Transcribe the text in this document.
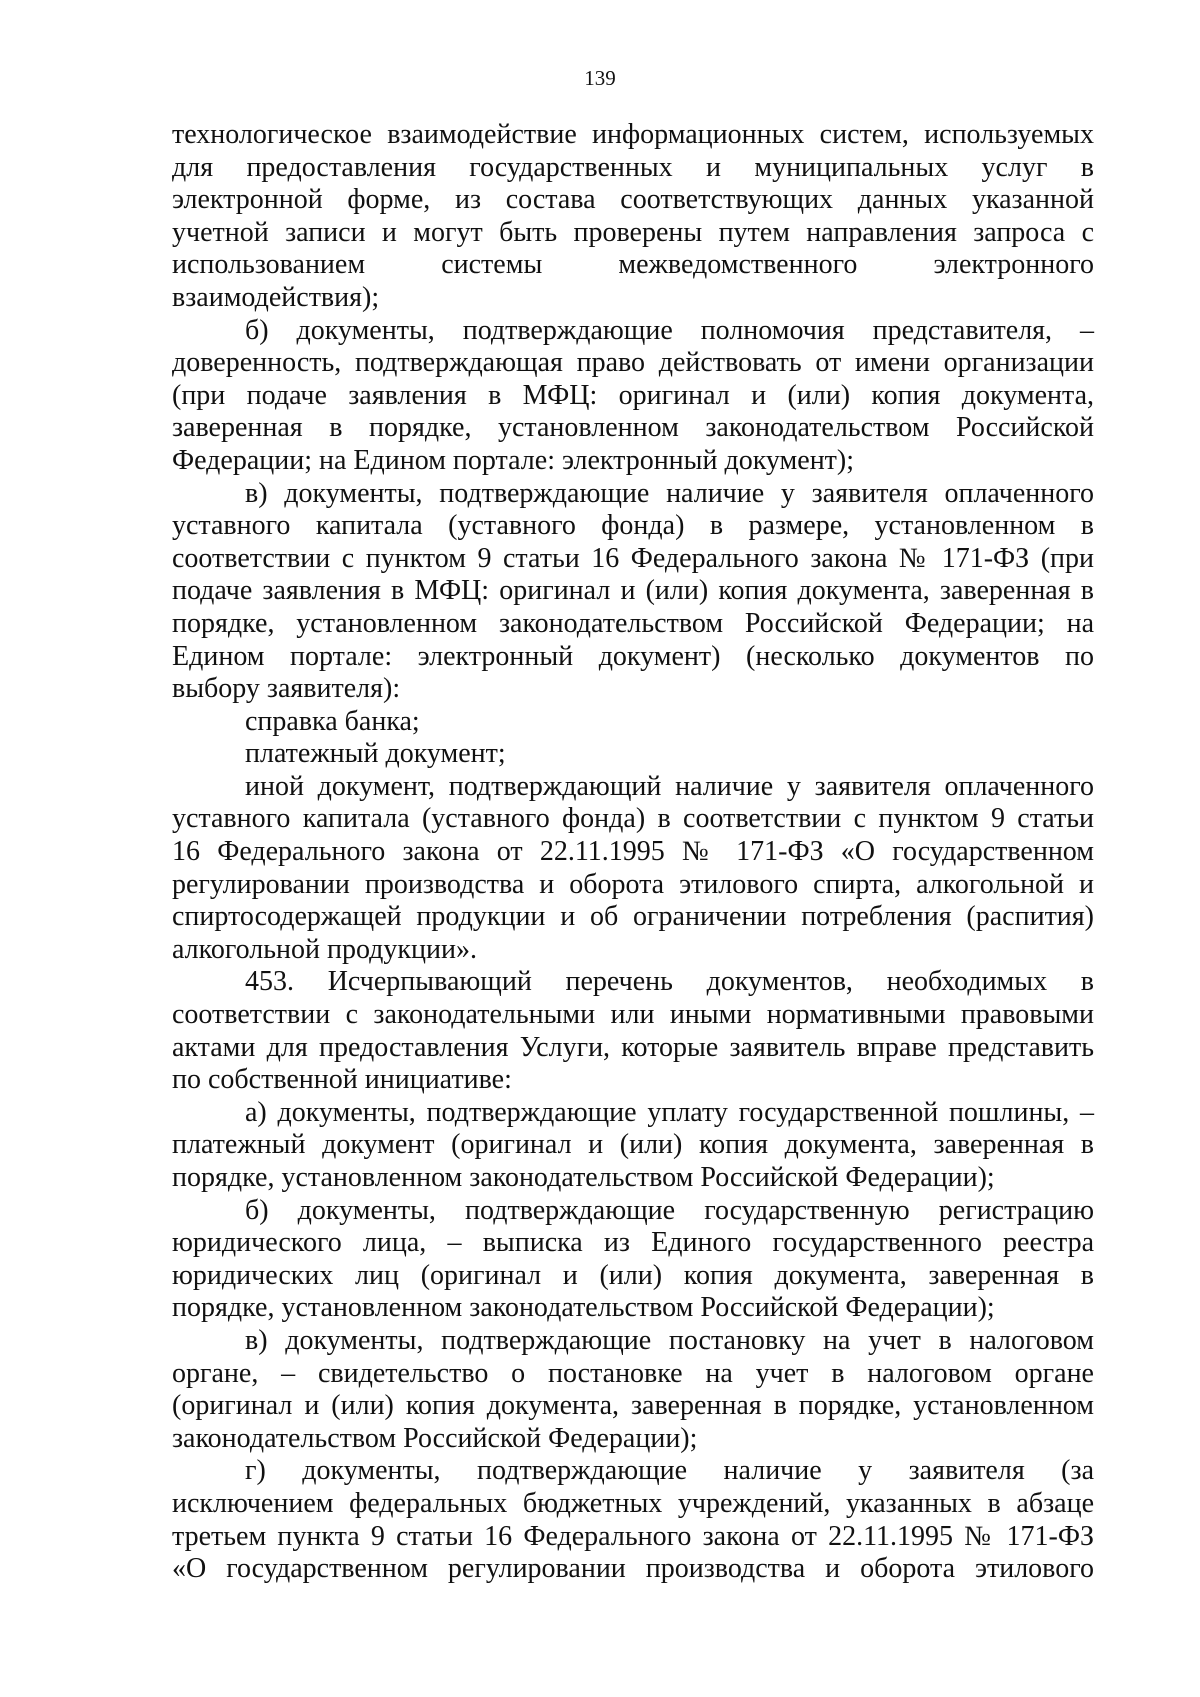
139
технологическое взаимодействие информационных систем, используемых
для предоставления государственных и муниципальных услуг в
электронной форме, из состава соответствующих данных указанной
учетной записи и могут быть проверены путем направления запроса с
использованием системы межведомственного электронного
взаимодействия);
б) документы, подтверждающие полномочия представителя, –
доверенность, подтверждающая право действовать от имени организации
(при подаче заявления в МФЦ: оригинал и (или) копия документа,
заверенная в порядке, установленном законодательством Российской
Федерации; на Едином портале: электронный документ);
в) документы, подтверждающие наличие у заявителя оплаченного
уставного капитала (уставного фонда) в размере, установленном в
соответствии с пунктом 9 статьи 16 Федерального закона № 171-ФЗ (при
подаче заявления в МФЦ: оригинал и (или) копия документа, заверенная в
порядке, установленном законодательством Российской Федерации; на
Едином портале: электронный документ) (несколько документов по
выбору заявителя):
справка банка;
платежный документ;
иной документ, подтверждающий наличие у заявителя оплаченного
уставного капитала (уставного фонда) в соответствии с пунктом 9 статьи
16 Федерального закона от 22.11.1995 № 171-ФЗ «О государственном
регулировании производства и оборота этилового спирта, алкогольной и
спиртосодержащей продукции и об ограничении потребления (распития)
алкогольной продукции».
453. Исчерпывающий перечень документов, необходимых в
соответствии с законодательными или иными нормативными правовыми
актами для предоставления Услуги, которые заявитель вправе представить
по собственной инициативе:
а) документы, подтверждающие уплату государственной пошлины, –
платежный документ (оригинал и (или) копия документа, заверенная в
порядке, установленном законодательством Российской Федерации);
б) документы, подтверждающие государственную регистрацию
юридического лица, – выписка из Единого государственного реестра
юридических лиц (оригинал и (или) копия документа, заверенная в
порядке, установленном законодательством Российской Федерации);
в) документы, подтверждающие постановку на учет в налоговом
органе, – свидетельство о постановке на учет в налоговом органе
(оригинал и (или) копия документа, заверенная в порядке, установленном
законодательством Российской Федерации);
г) документы, подтверждающие наличие у заявителя (за
исключением федеральных бюджетных учреждений, указанных в абзаце
третьем пункта 9 статьи 16 Федерального закона от 22.11.1995 № 171-ФЗ
«О государственном регулировании производства и оборота этилового
